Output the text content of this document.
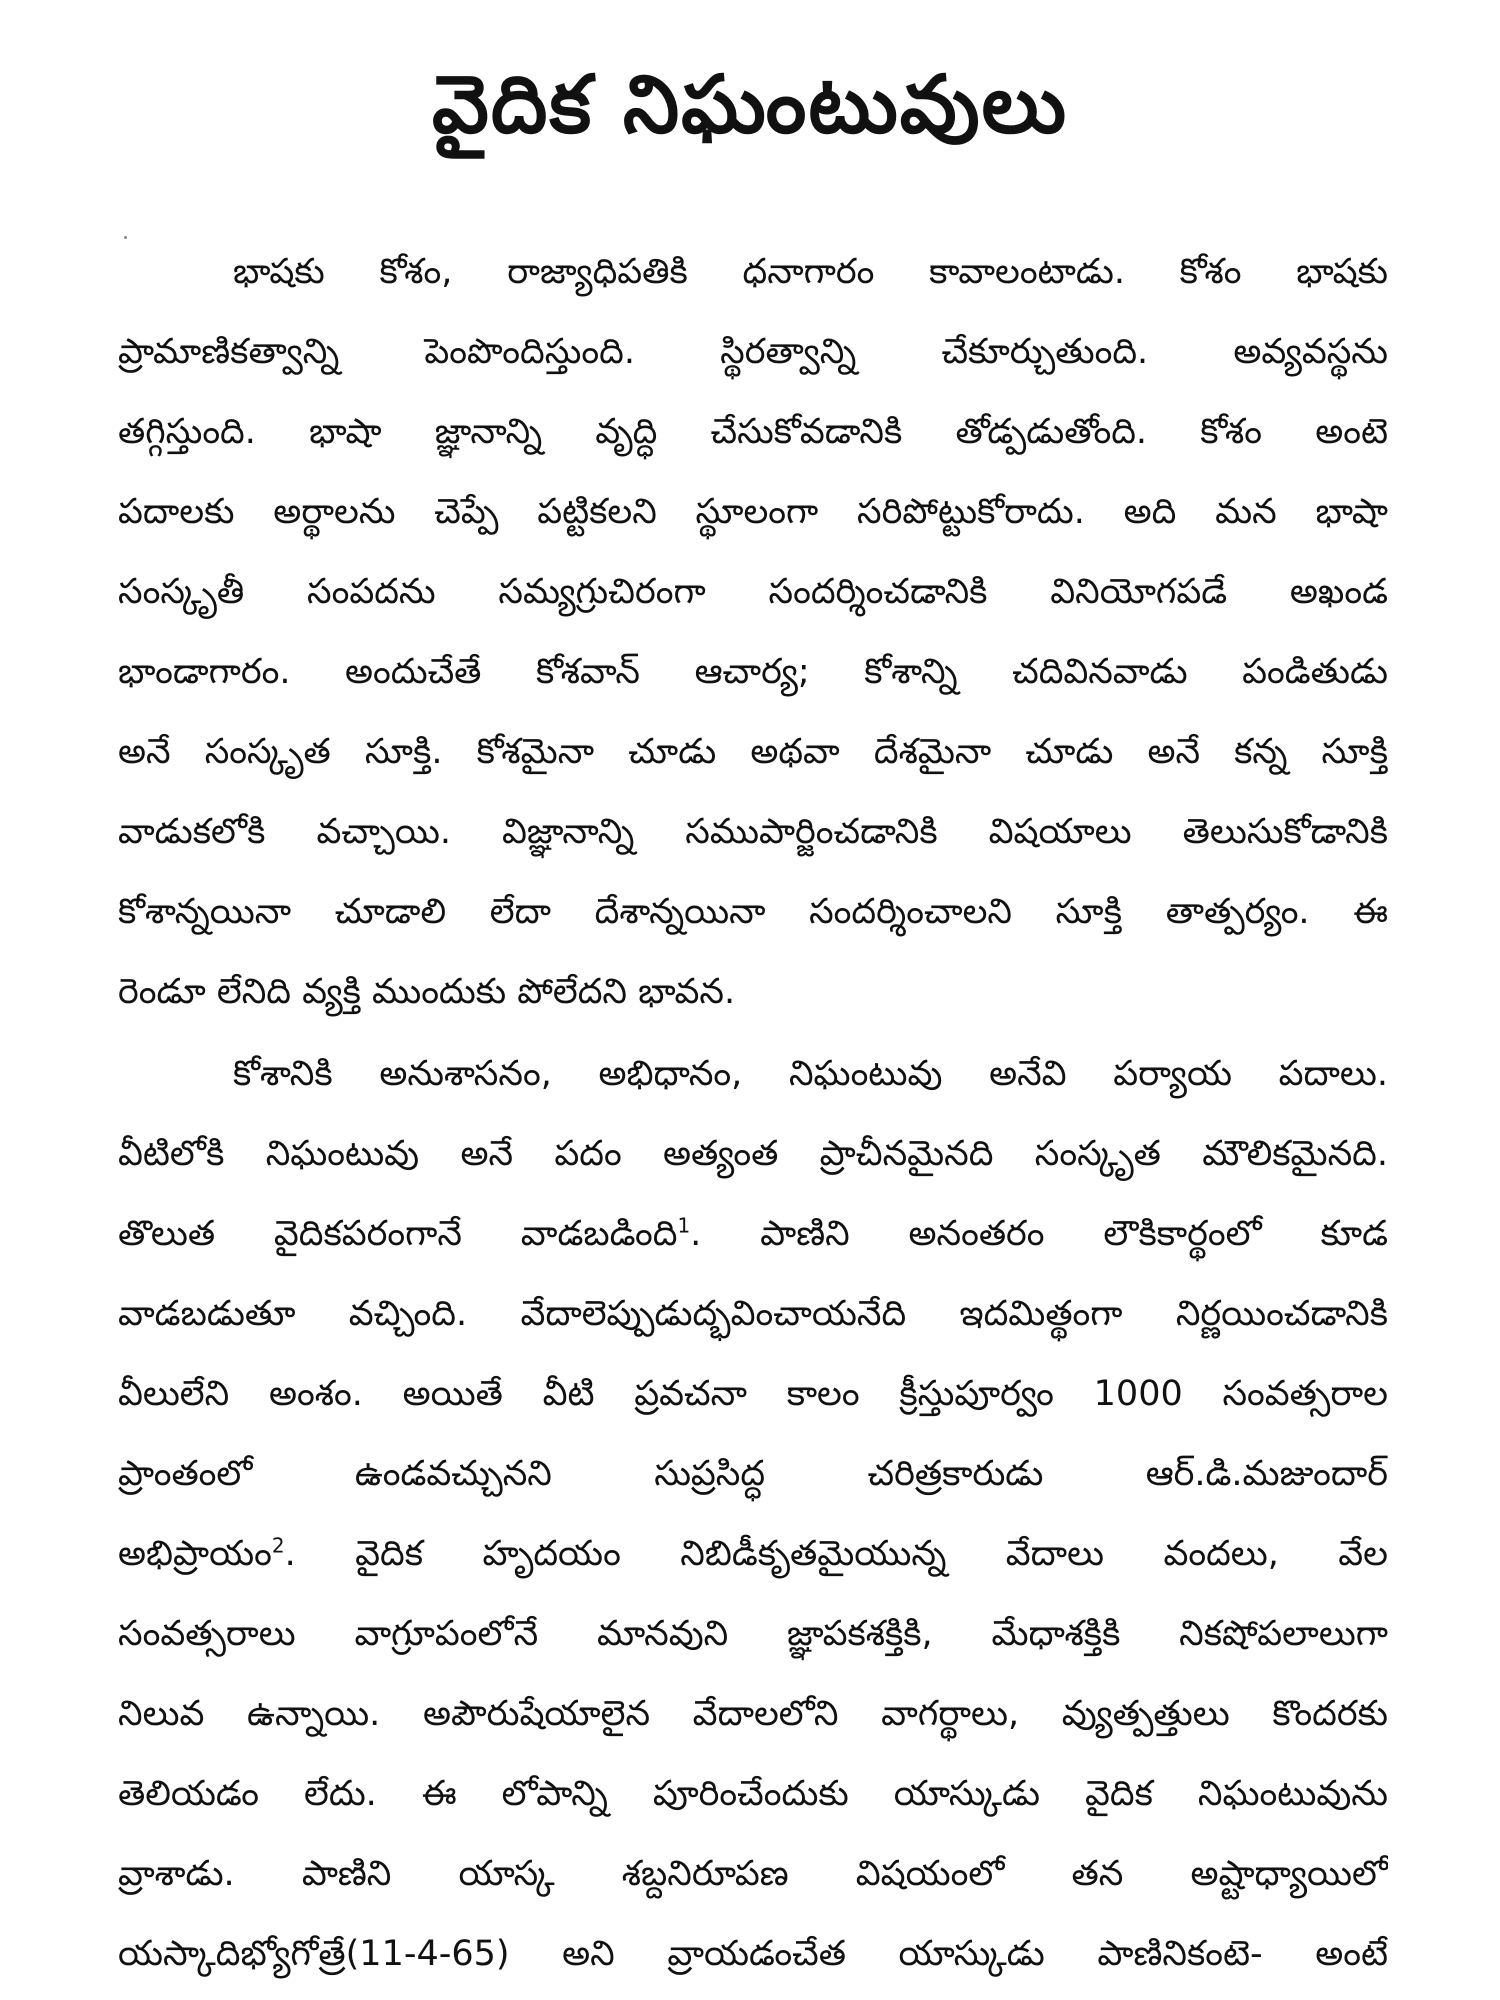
వైదిక నిఘంటువులు
భాషకు కోశం, రాజ్యాధిపతికి ధనాగారం కావాలంటాడు. కోశం భాషకు
ప్రామాణికత్వాన్ని పెంపొందిస్తుంది. స్థిరత్వాన్ని చేకూర్చుతుంది. అవ్యవస్థను
తగ్గిస్తుంది. భాషా జ్ఞానాన్ని వృద్ధి చేసుకోవడానికి తోడ్పడుతోంది. కోశం అంటె
పదాలకు అర్థాలను చెప్పే పట్టికలని స్థూలంగా సరిపోట్టుకోరాదు. అది మన భాషా
సంస్కృతీ సంపదను సమ్యగ్రుచిరంగా సందర్శించడానికి వినియోగపడే అఖండ
భాండాగారం. అందుచేతే కోశవాన్ ఆచార్య; కోశాన్ని చదివినవాడు పండితుడు
అనే సంస్కృత సూక్తి. కోశమైనా చూడు అథవా దేశమైనా చూడు అనే కన్న సూక్తి
వాడుకలోకి వచ్చాయి. విజ్ఞానాన్ని సముపార్జించడానికి విషయాలు తెలుసుకోడానికి
కోశాన్నయినా చూడాలి లేదా దేశాన్నయినా సందర్శించాలని సూక్తి తాత్పర్యం. ఈ
రెండూ లేనిది వ్యక్తి ముందుకు పోలేదని భావన.
కోశానికి అనుశాసనం, అభిధానం, నిఘంటువు అనేవి పర్యాయ పదాలు.
వీటిలోకి నిఘంటువు అనే పదం అత్యంత ప్రాచీనమైనది సంస్కృత మౌలికమైనది.
తొలుత వైదికపరంగానే వాడబడింది$^1$. పాణిని అనంతరం లౌకికార్థంలో కూడ
వాడబడుతూ వచ్చింది. వేదాలెప్పుడుద్భవించాయనేది ఇదమిత్థంగా నిర్ణయించడానికి
వీలులేని అంశం. అయితే వీటి ప్రవచనా కాలం క్రీస్తుపూర్వం 1000 సంవత్సరాల
ప్రాంతంలో ఉండవచ్చునని సుప్రసిద్ధ చరిత్రకారుడు ఆర్.డి.మజుందార్
అభిప్రాయం$^2$. వైదిక హృదయం నిబిడీకృతమైయున్న వేదాలు వందలు, వేల
సంవత్సరాలు వాగ్రూపంలోనే మానవుని జ్ఞాపకశక్తికి, మేధాశక్తికి నికషోపలాలుగా
నిలువ ఉన్నాయి. అపౌరుషేయాలైన వేదాలలోని వాగర్థాలు, వ్యుత్పత్తులు కొందరకు
తెలియడం లేదు. ఈ లోపాన్ని పూరించేందుకు యాస్కుడు వైదిక నిఘంటువును
వ్రాశాడు. పాణిని యాస్క శబ్దనిరూపణ విషయంలో తన అష్టాధ్యాయిలో
యస్కాదిభ్యోగోత్రే(11-4-65) అని వ్రాయడంచేత యాస్కుడు పాణినికంటె- అంటే
